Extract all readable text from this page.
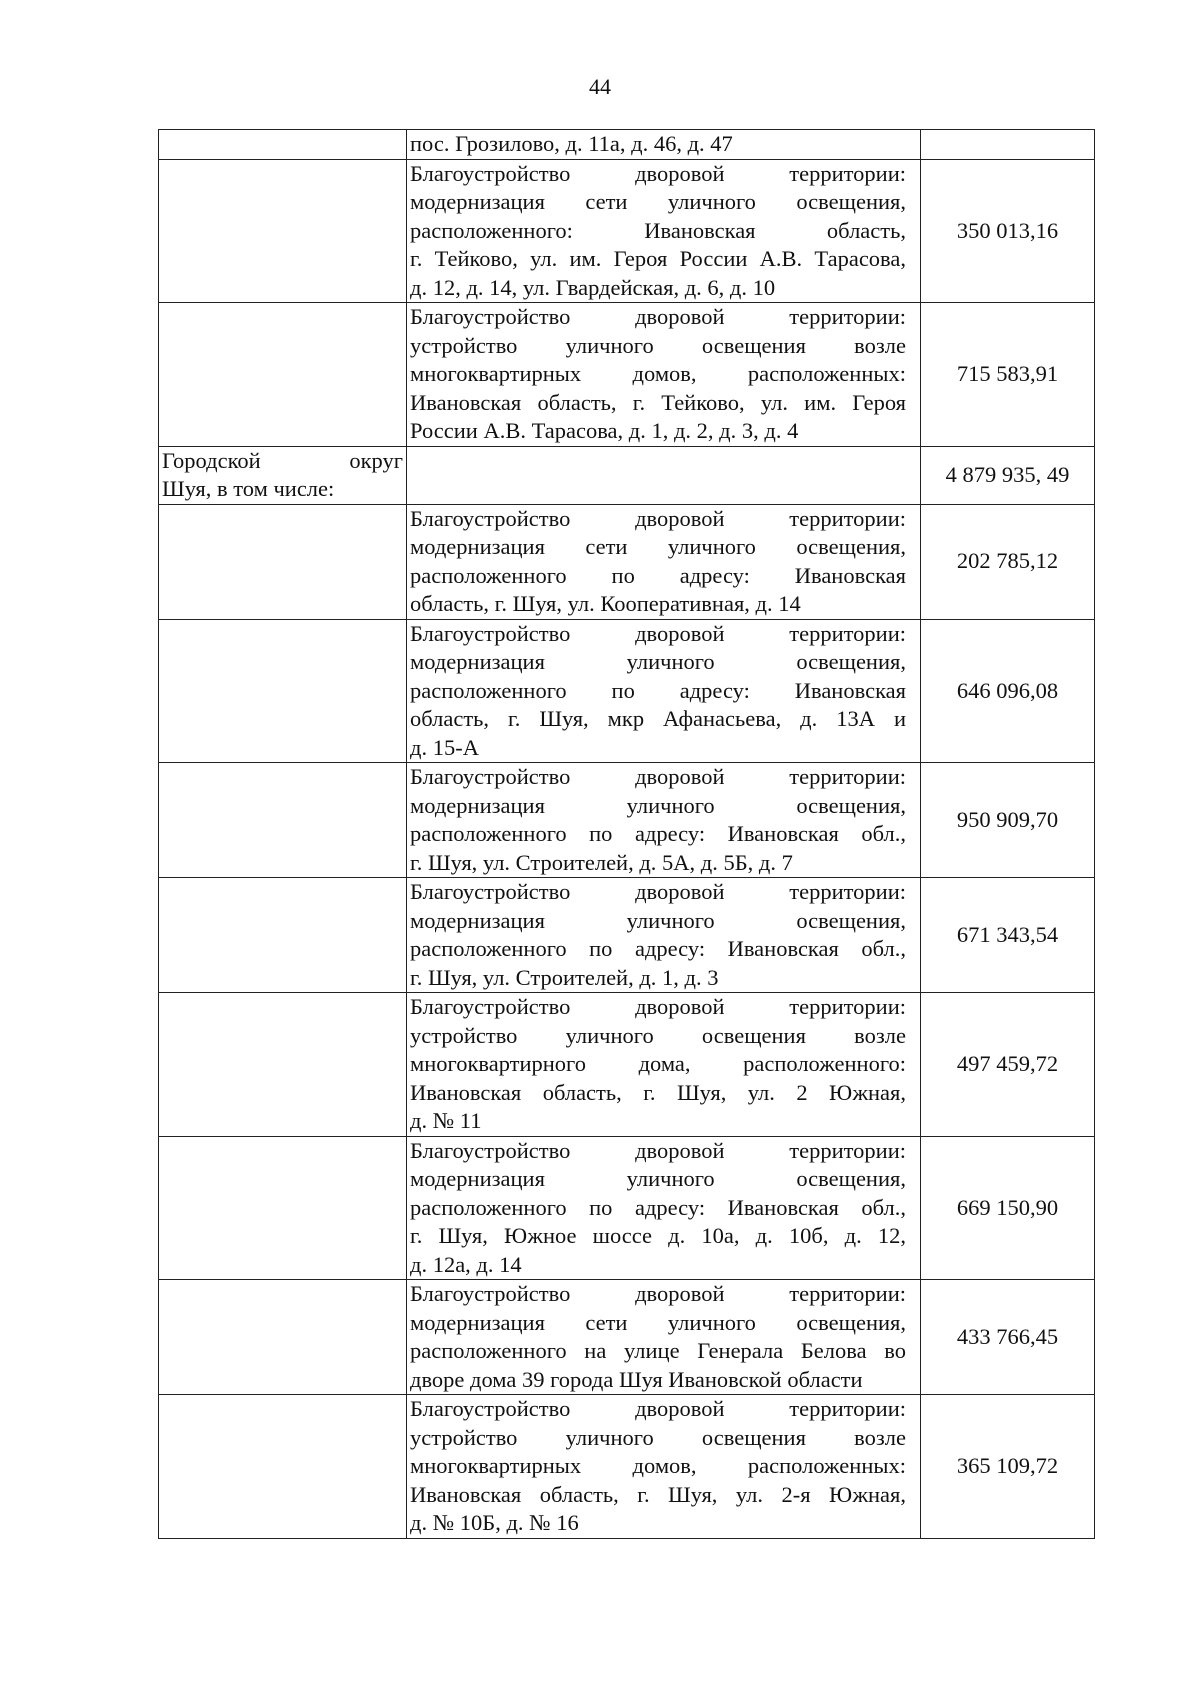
44

	пос. Грозилово, д. 11а, д. 46, д. 47	

	Благоустройство дворовой территории:
модернизация сети уличного освещения,
расположенного: Ивановская область,
г. Тейково, ул. им. Героя России А.В. Тарасова,
д. 12, д. 14, ул. Гвардейская, д. 6, д. 10	350 013,16

	Благоустройство дворовой территории:
устройство уличного освещения возле
многоквартирных домов, расположенных:
Ивановская область, г. Тейково, ул. им. Героя
России А.В. Тарасова, д. 1, д. 2, д. 3, д. 4	715 583,91

Городской округ
Шуя, в том числе:		4 879 935, 49

	Благоустройство дворовой территории:
модернизация сети уличного освещения,
расположенного по адресу: Ивановская
область, г. Шуя, ул. Кооперативная, д. 14	202 785,12

	Благоустройство дворовой территории:
модернизация уличного освещения,
расположенного по адресу: Ивановская
область, г. Шуя, мкр Афанасьева, д. 13А и
д. 15-А	646 096,08

	Благоустройство дворовой территории:
модернизация уличного освещения,
расположенного по адресу: Ивановская обл.,
г. Шуя, ул. Строителей, д. 5А, д. 5Б, д. 7	950 909,70

	Благоустройство дворовой территории:
модернизация уличного освещения,
расположенного по адресу: Ивановская обл.,
г. Шуя, ул. Строителей, д. 1, д. 3	671 343,54

	Благоустройство дворовой территории:
устройство уличного освещения возле
многоквартирного дома, расположенного:
Ивановская область, г. Шуя, ул. 2 Южная,
д. № 11	497 459,72

	Благоустройство дворовой территории:
модернизация уличного освещения,
расположенного по адресу: Ивановская обл.,
г. Шуя, Южное шоссе д. 10а, д. 10б, д. 12,
д. 12а, д. 14	669 150,90

	Благоустройство дворовой территории:
модернизация сети уличного освещения,
расположенного на улице Генерала Белова во
дворе дома 39 города Шуя Ивановской области	433 766,45

	Благоустройство дворовой территории:
устройство уличного освещения возле
многоквартирных домов, расположенных:
Ивановская область, г. Шуя, ул. 2-я Южная,
д. № 10Б, д. № 16	365 109,72
